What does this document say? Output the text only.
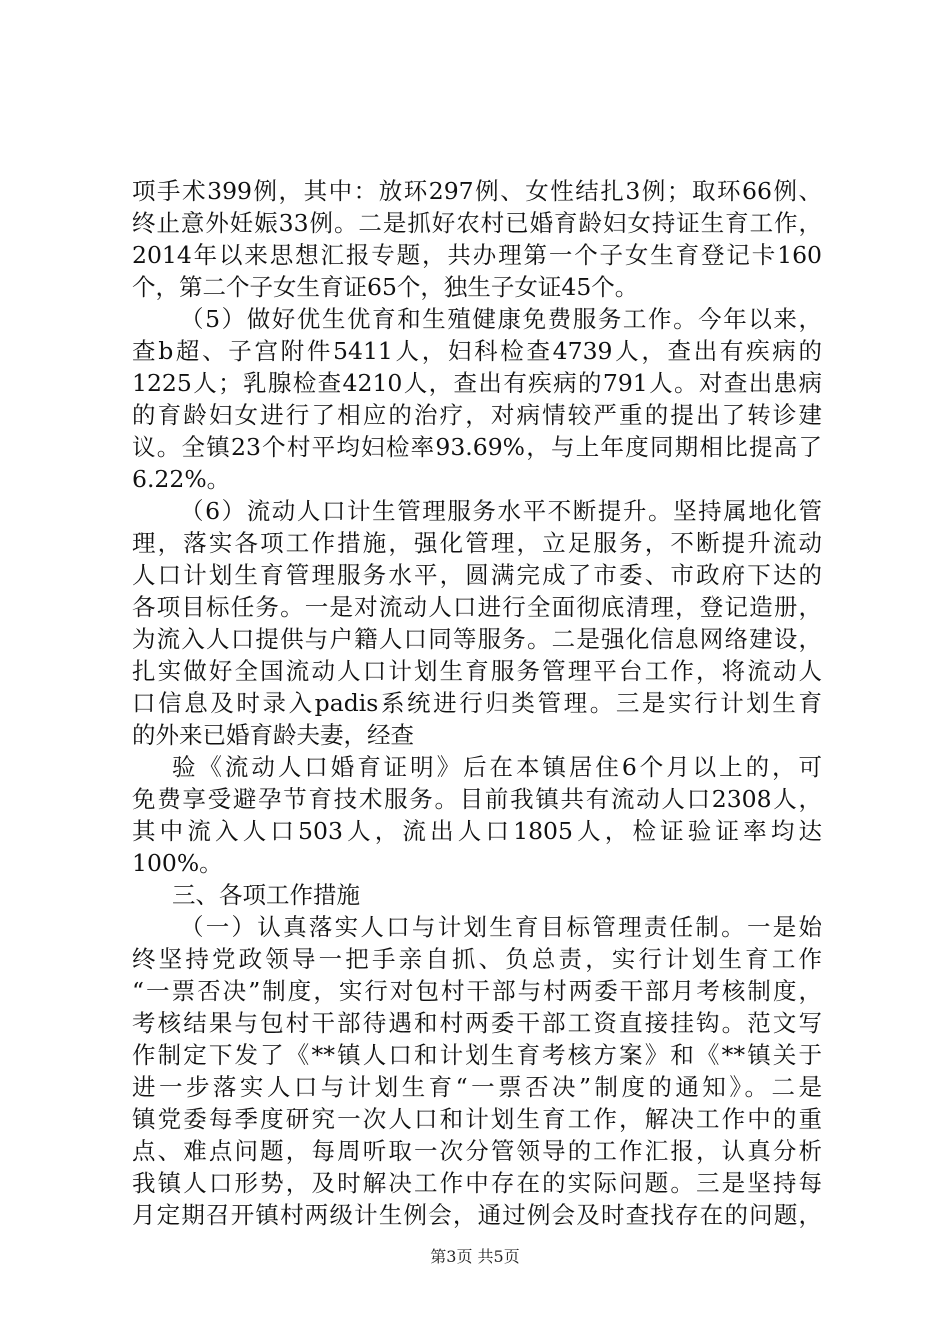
项手术399例，其中：放环297例、女性结扎3例；取环66例、
终止意外妊娠33例。二是抓好农村已婚育龄妇女持证生育工作，
2014年以来思想汇报专题，共办理第一个子女生育登记卡160
个，第二个子女生育证65个，独生子女证45个。
（5）做好优生优育和生殖健康免费服务工作。今年以来，
查b超、子宫附件5411人，妇科检查4739人，查出有疾病的
1225人；乳腺检查4210人，查出有疾病的791人。对查出患病
的育龄妇女进行了相应的治疗，对病情较严重的提出了转诊建
议。全镇23个村平均妇检率93.69%，与上年度同期相比提高了
6.22%。
（6）流动人口计生管理服务水平不断提升。坚持属地化管
理，落实各项工作措施，强化管理，立足服务，不断提升流动
人口计划生育管理服务水平，圆满完成了市委、市政府下达的
各项目标任务。一是对流动人口进行全面彻底清理，登记造册，
为流入人口提供与户籍人口同等服务。二是强化信息网络建设，
扎实做好全国流动人口计划生育服务管理平台工作，将流动人
口信息及时录入padis系统进行归类管理。三是实行计划生育
的外来已婚育龄夫妻，经查
验《流动人口婚育证明》后在本镇居住6个月以上的，可
免费享受避孕节育技术服务。目前我镇共有流动人口2308人，
其中流入人口503人，流出人口1805人，检证验证率均达
100%。
三、各项工作措施
（一）认真落实人口与计划生育目标管理责任制。一是始
终坚持党政领导一把手亲自抓、负总责，实行计划生育工作
“一票否决”制度，实行对包村干部与村两委干部月考核制度，
考核结果与包村干部待遇和村两委干部工资直接挂钩。范文写
作制定下发了《**镇人口和计划生育考核方案》和《**镇关于
进一步落实人口与计划生育“一票否决”制度的通知》。二是
镇党委每季度研究一次人口和计划生育工作，解决工作中的重
点、难点问题，每周听取一次分管领导的工作汇报，认真分析
我镇人口形势，及时解决工作中存在的实际问题。三是坚持每
月定期召开镇村两级计生例会，通过例会及时查找存在的问题，
第3页 共5页
